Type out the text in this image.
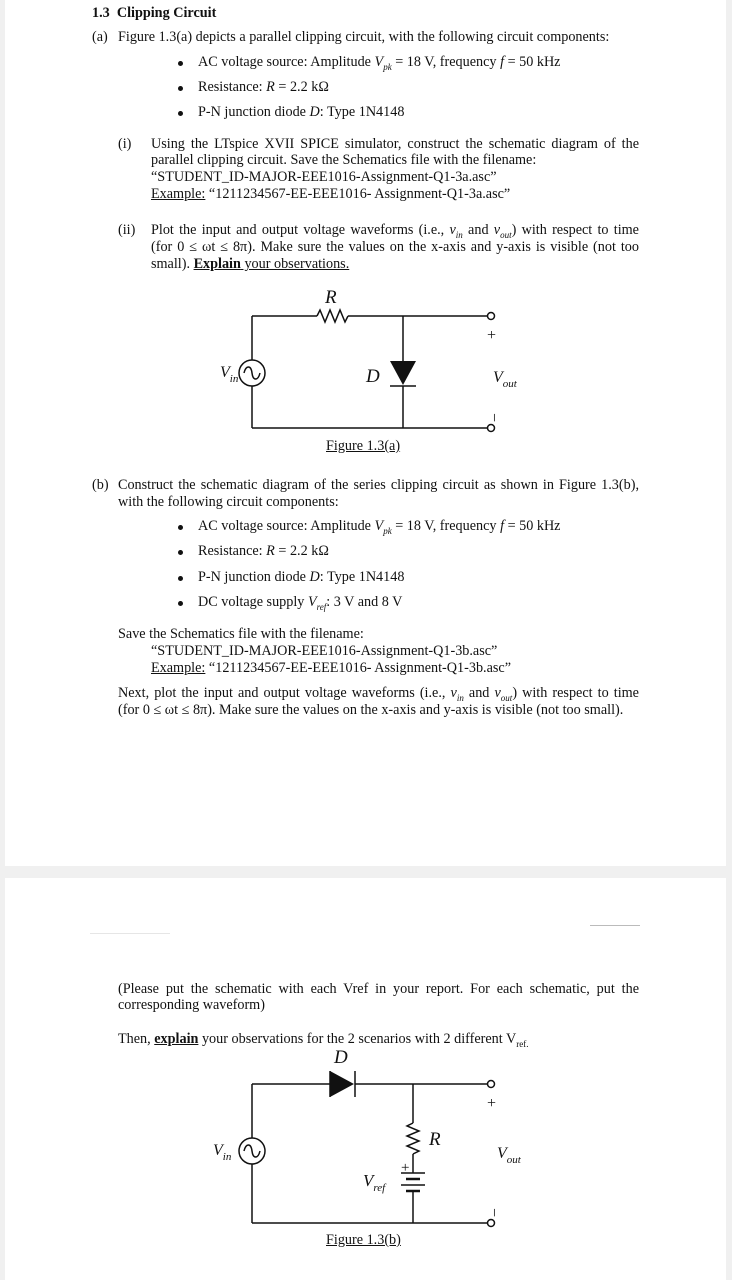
1.3 Clipping Circuit
(a) Figure 1.3(a) depicts a parallel clipping circuit, with the following circuit components:
AC voltage source: Amplitude $V_{pk} = 18$ V, frequency f = 50 kHz
Resistance: R = 2.2 kΩ
P-N junction diode D: Type 1N4148
(i) Using the LTspice XVII SPICE simulator, construct the schematic diagram of the
parallel clipping circuit. Save the Schematics file with the filename:
“STUDENT_ID-MAJOR-EEE1016-Assignment-Q1-3a.asc”
Example: “1211234567-EE-EEE1016- Assignment-Q1-3a.asc”
(ii) Plot the input and output voltage waveforms (i.e., $v_{in}$ and $v_{out}$) with respect to time
(for 0 ≤ ωt ≤ 8π). Make sure the values on the x-axis and y-axis is visible (not too
small). Explain your observations.
R
D
$V_{in}$	$V_{out}$
+
−
Figure 1.3(a)
(b) Construct the schematic diagram of the series clipping circuit as shown in Figure 1.3(b),
with the following circuit components:
AC voltage source: Amplitude $V_{pk} = 18$ V, frequency f = 50 kHz
Resistance: R = 2.2 kΩ
P-N junction diode D: Type 1N4148
DC voltage supply $V_{ref}$: 3 V and 8 V
Save the Schematics file with the filename:
“STUDENT_ID-MAJOR-EEE1016-Assignment-Q1-3b.asc”
Example: “1211234567-EE-EEE1016- Assignment-Q1-3b.asc”
Next, plot the input and output voltage waveforms (i.e., $v_{in}$ and $v_{out}$) with respect to time
(for 0 ≤ ωt ≤ 8π). Make sure the values on the x-axis and y-axis is visible (not too small).
(Please put the schematic with each Vref in your report. For each schematic, put the
corresponding waveform)
Then, explain your observations for the 2 scenarios with 2 different $V_{ref.}$
D
R
$V_{in}$	$V_{out}$
$V_{ref}$
+
+
−
Figure 1.3(b)
